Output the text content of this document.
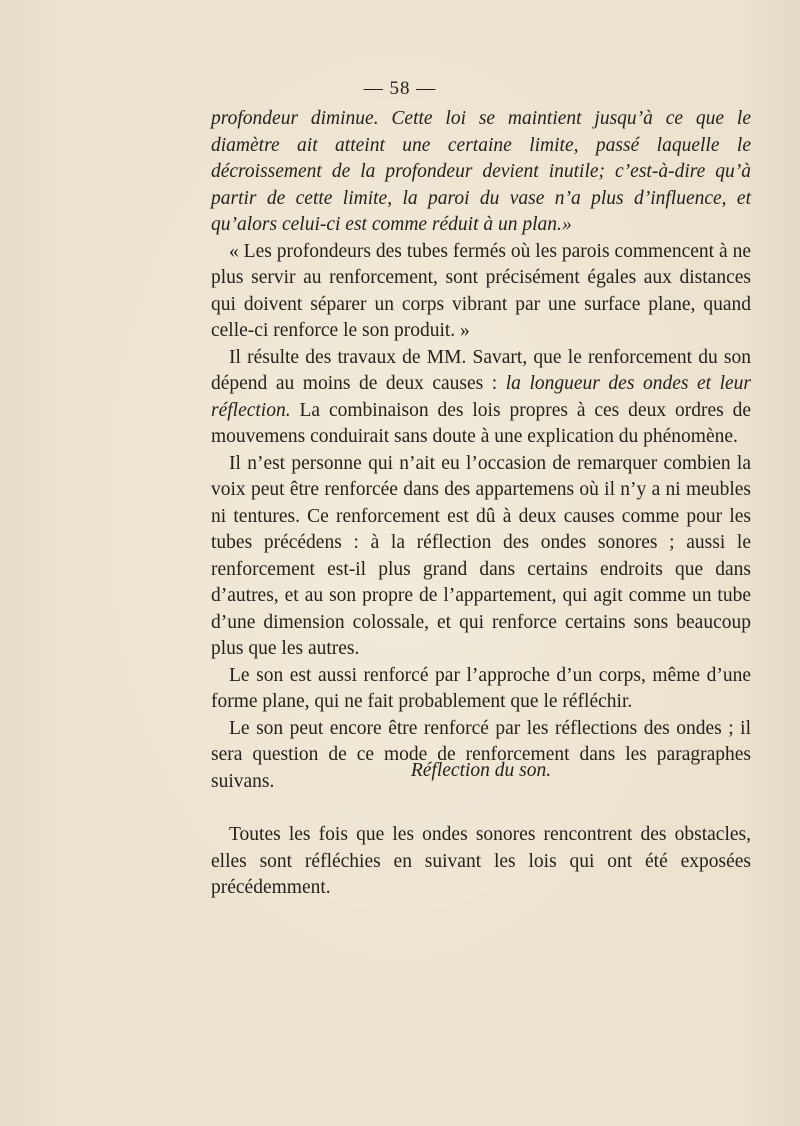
— 58 —

profondeur diminue. Cette loi se maintient jusqu’à ce que le diamètre ait atteint une certaine limite, passé laquelle le décroissement de la profondeur devient inutile; c’est-à-dire qu’à partir de cette limite, la paroi du vase n’a plus d’influence, et qu’alors celui-ci est comme réduit à un plan.»

« Les profondeurs des tubes fermés où les parois commencent à ne plus servir au renforcement, sont précisément égales aux distances qui doivent séparer un corps vibrant par une surface plane, quand celle-ci renforce le son produit. »

Il résulte des travaux de MM. Savart, que le renforcement du son dépend au moins de deux causes : la longueur des ondes et leur réflection. La combinaison des lois propres à ces deux ordres de mouvemens conduirait sans doute à une explication du phénomène.

Il n’est personne qui n’ait eu l’occasion de remarquer combien la voix peut être renforcée dans des appartemens où il n’y a ni meubles ni tentures. Ce renforcement est dû à deux causes comme pour les tubes précédens : à la réflection des ondes sonores ; aussi le renforcement est-il plus grand dans certains endroits que dans d’autres, et au son propre de l’appartement, qui agit comme un tube d’une dimension colossale, et qui renforce certains sons beaucoup plus que les autres.

Le son est aussi renforcé par l’approche d’un corps, même d’une forme plane, qui ne fait probablement que le réfléchir.

Le son peut encore être renforcé par les réflections des ondes ; il sera question de ce mode de renforcement dans les paragraphes suivans.	Réflection du son.

Toutes les fois que les ondes sonores rencontrent des obstacles, elles sont réfléchies en suivant les lois qui ont été exposées précédemment.
